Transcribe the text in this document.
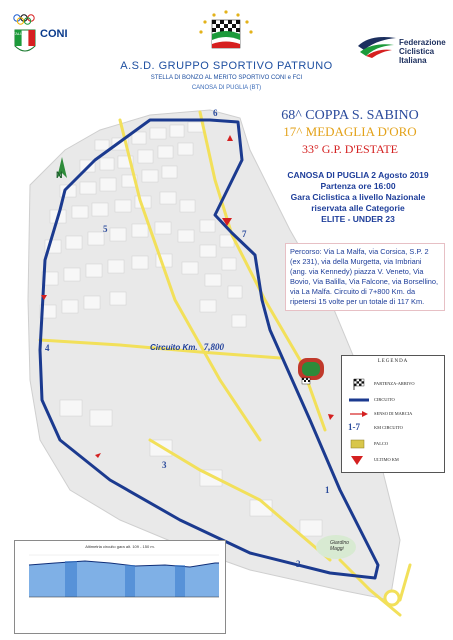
CONI
ITALIA
A.S.D. GRUPPO SPORTIVO PATRUNO
STELLA DI BONZO AL MERITO SPORTIVO CONI e FCI
CANOSA DI PUGLIA (BT)
Federazione Ciclistica Italiana
N
Circuito Km. 7,800
Giardino Maggi
1
2
3
4
5
6
7
68^ COPPA S. SABINO
17^ MEDAGLIA D'ORO
33° G.P. D'ESTATE
CANOSA DI PUGLIA 2 Agosto 2019
Partenza ore 16:00
Gara Ciclistica a livello Nazionale
riservata alle Categorie
ELITE - UNDER 23
Percorso: Via La Malfa, via Corsica, S.P. 2 (ex 231), via della Murgetta, via Imbriani (ang. via Kennedy) piazza V. Veneto, Via Bovio, Via Balilla, Via Falcone, via Borsellino, via La Malfa. Circuito di 7+800 Km. da ripetersi 15 volte per un totale di 117 Km.
LEGENDA
PARTENZA-ARRIVO
CIRCUITO
SENSO DI MARCIA
1-7	KM CIRCUITO
PALCO
ULTIMO KM
Altimetria circuito gara alt. 109 - 150 m.
